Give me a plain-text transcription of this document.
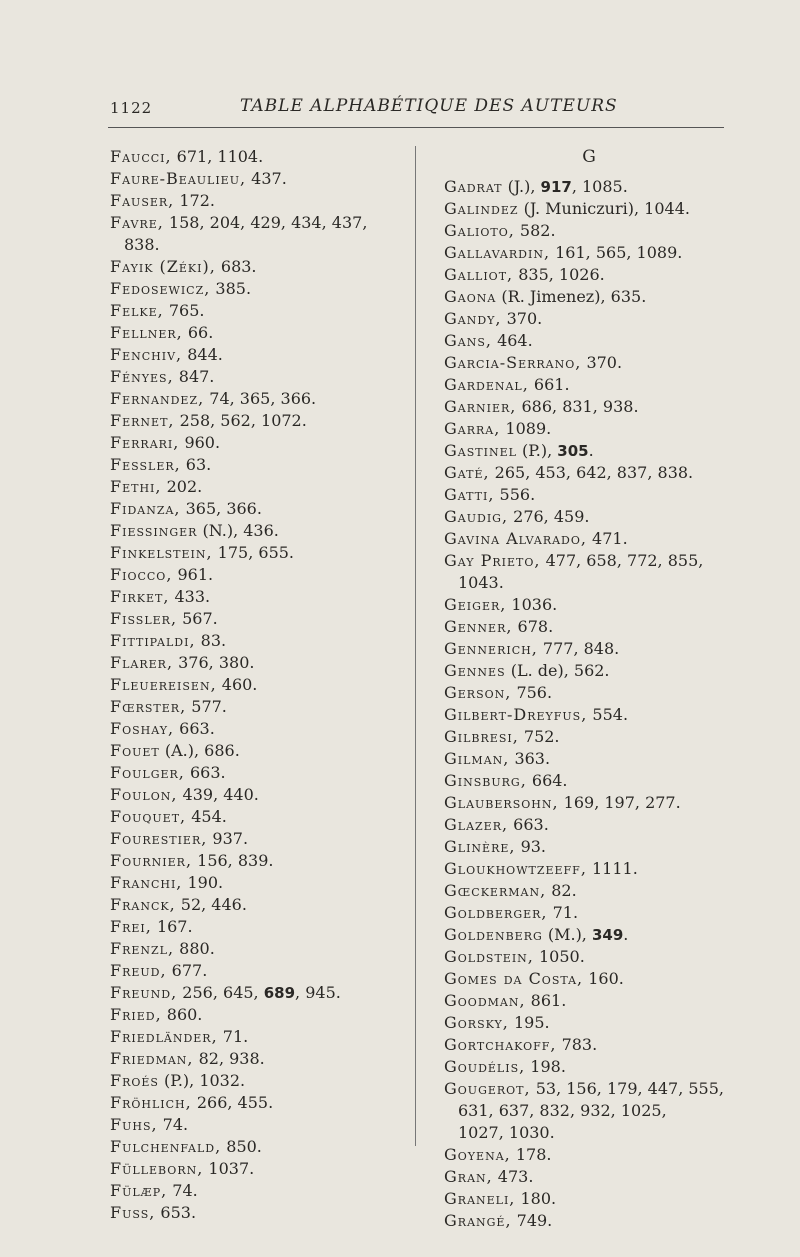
1122	TABLE ALPHABÉTIQUE DES AUTEURS
Faucci, 671, 1104.
Faure-Beaulieu, 437.
Fauser, 172.
Favre, 158, 204, 429, 434, 437,
838.
Fayik (Zéki), 683.
Fedosewicz, 385.
Felke, 765.
Fellner, 66.
Fenchiv, 844.
Fényes, 847.
Fernandez, 74, 365, 366.
Fernet, 258, 562, 1072.
Ferrari, 960.
Fessler, 63.
Fethi, 202.
Fidanza, 365, 366.
Fiessinger (N.), 436.
Finkelstein, 175, 655.
Fiocco, 961.
Firket, 433.
Fissler, 567.
Fittipaldi, 83.
Flarer, 376, 380.
Fleuereisen, 460.
Fœrster, 577.
Foshay, 663.
Fouet (A.), 686.
Foulger, 663.
Foulon, 439, 440.
Fouquet, 454.
Fourestier, 937.
Fournier, 156, 839.
Franchi, 190.
Franck, 52, 446.
Frei, 167.
Frenzl, 880.
Freud, 677.
Freund, 256, 645, 689, 945.
Fried, 860.
Friedländer, 71.
Friedman, 82, 938.
Froés (P.), 1032.
Fröhlich, 266, 455.
Fuhs, 74.
Fulchenfald, 850.
Fülleborn, 1037.
Fülæp, 74.
Fuss, 653.
G
Gadrat (J.), 917, 1085.
Galindez (J. Municzuri), 1044.
Galioto, 582.
Gallavardin, 161, 565, 1089.
Galliot, 835, 1026.
Gaona (R. Jimenez), 635.
Gandy, 370.
Gans, 464.
Garcia-Serrano, 370.
Gardenal, 661.
Garnier, 686, 831, 938.
Garra, 1089.
Gastinel (P.), 305.
Gaté, 265, 453, 642, 837, 838.
Gatti, 556.
Gaudig, 276, 459.
Gavina Alvarado, 471.
Gay Prieto, 477, 658, 772, 855,
1043.
Geiger, 1036.
Genner, 678.
Gennerich, 777, 848.
Gennes (L. de), 562.
Gerson, 756.
Gilbert-Dreyfus, 554.
Gilbresi, 752.
Gilman, 363.
Ginsburg, 664.
Glaubersohn, 169, 197, 277.
Glazer, 663.
Glinère, 93.
Gloukhowtzeeff, 1111.
Gœckerman, 82.
Goldberger, 71.
Goldenberg (M.), 349.
Goldstein, 1050.
Gomes da Costa, 160.
Goodman, 861.
Gorsky, 195.
Gortchakoff, 783.
Goudélis, 198.
Gougerot, 53, 156, 179, 447, 555,
631, 637, 832, 932, 1025,
1027, 1030.
Goyena, 178.
Gran, 473.
Graneli, 180.
Grangé, 749.
